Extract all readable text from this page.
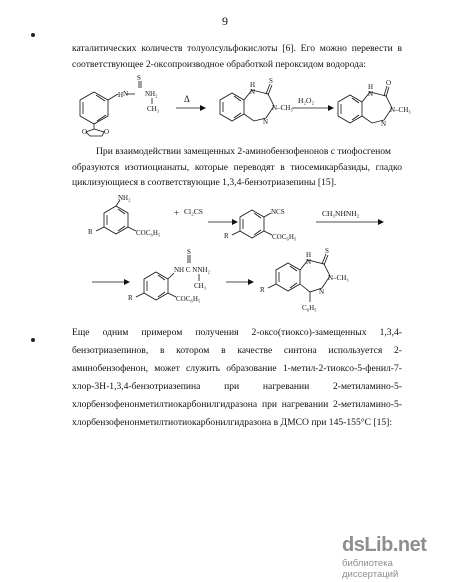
9
каталитических количеств толуолсульфокислоты [6]. Его можно перевести в
соответствующее 2-оксопроизводное обработкой пероксидом водорода:
H N
S
NH₂
CH₃
O O
Δ
H
N
S
N–CH₃
N
H₂O₂
H
N
O
N–CH₃
N
При взаимодействии замещенных 2-аминобензофенонов с тиофосгеном
образуются изотиоцианаты, которые переводят в тиосемикарбазиды, гладко
циклизующиеся в соответствующие 1,3,4-бензотриазепины [15].
NH₂
R	COC₆H₅
+ Cl₂CS	NCS
R	COC₆H₅
CH₃NHNH₂
S
NH C NNH₂
CH₃
R	COC₆H₅
H
N
S
N–CH₃
N
R
C₆H₅
Еще одним примером получения 2-оксо(тиоксо)-замещенных 1,3,4-
бензотриазепинов, в котором в качестве синтона используется 2-
аминобензофенон, может служить образование 1-метил-2-тиоксо-5-фенил-7-
хлор-3Н-1,3,4-бензотриазепина при нагревании 2-метиламино-5-
хлорбензофенонметилтиокарбонилгидразона при нагревании 2-метиламино-5-
хлорбензофенонметилтиотиокарбонилгидразона в ДМСО при 145-155°С [15]:
dsLib.net
библиотека диссертаций
